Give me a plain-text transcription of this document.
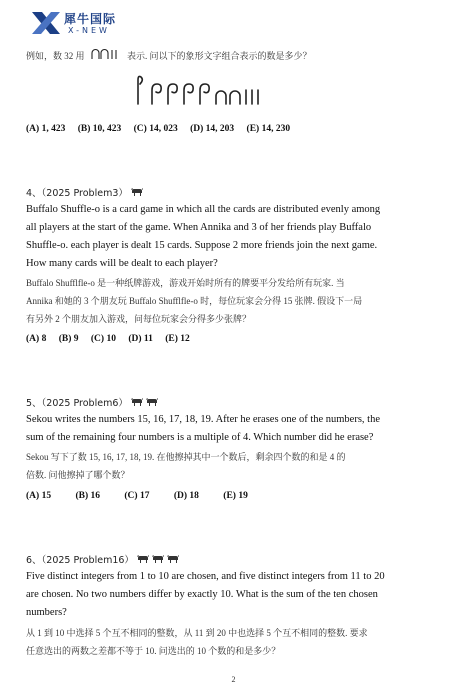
犀牛国际
X-NEW
例如，数 32 用	表示. 问以下的象形文字组合表示的数是多少？
(A) 1, 423 (B) 10, 423 (C) 14, 023 (D) 14, 203 (E) 14, 230
4、（2025 Problem3）
Buffalo Shuffle-o is a card game in which all the cards are distributed evenly among
all players at the start of the game. When Annika and 3 of her friends play Buffalo
Shuffle-o. each player is dealt 15 cards. Suppose 2 more friends join the next game.
How many cards will be dealt to each player?
Buffalo Shufflfle-o 是一种纸牌游戏，游戏开始时所有的牌要平分发给所有玩家. 当
Annika 和她的 3 个朋友玩 Buffalo Shufflfle-o 时，每位玩家会分得 15 张牌. 假设下一局
有另外 2 个朋友加入游戏，问每位玩家会分得多少张牌？
(A) 8 (B) 9 (C) 10 (D) 11 (E) 12
5、（2025 Problem6）
Sekou writes the numbers 15, 16, 17, 18, 19. After he erases one of the numbers, the
sum of the remaining four numbers is a multiple of 4. Which number did he erase?
Sekou 写下了数 15, 16, 17, 18, 19. 在他擦掉其中一个数后，剩余四个数的和是 4 的
倍数. 问他擦掉了哪个数？
(A) 15	(B) 16	(C) 17	(D) 18	(E) 19
6、（2025 Problem16）
Five distinct integers from 1 to 10 are chosen, and five distinct integers from 11 to 20
are chosen. No two numbers differ by exactly 10. What is the sum of the ten chosen
numbers?
从 1 到 10 中选择 5 个互不相同的整数，从 11 到 20 中也选择 5 个互不相同的整数. 要求
任意选出的两数之差都不等于 10. 问选出的 10 个数的和是多少？
2
